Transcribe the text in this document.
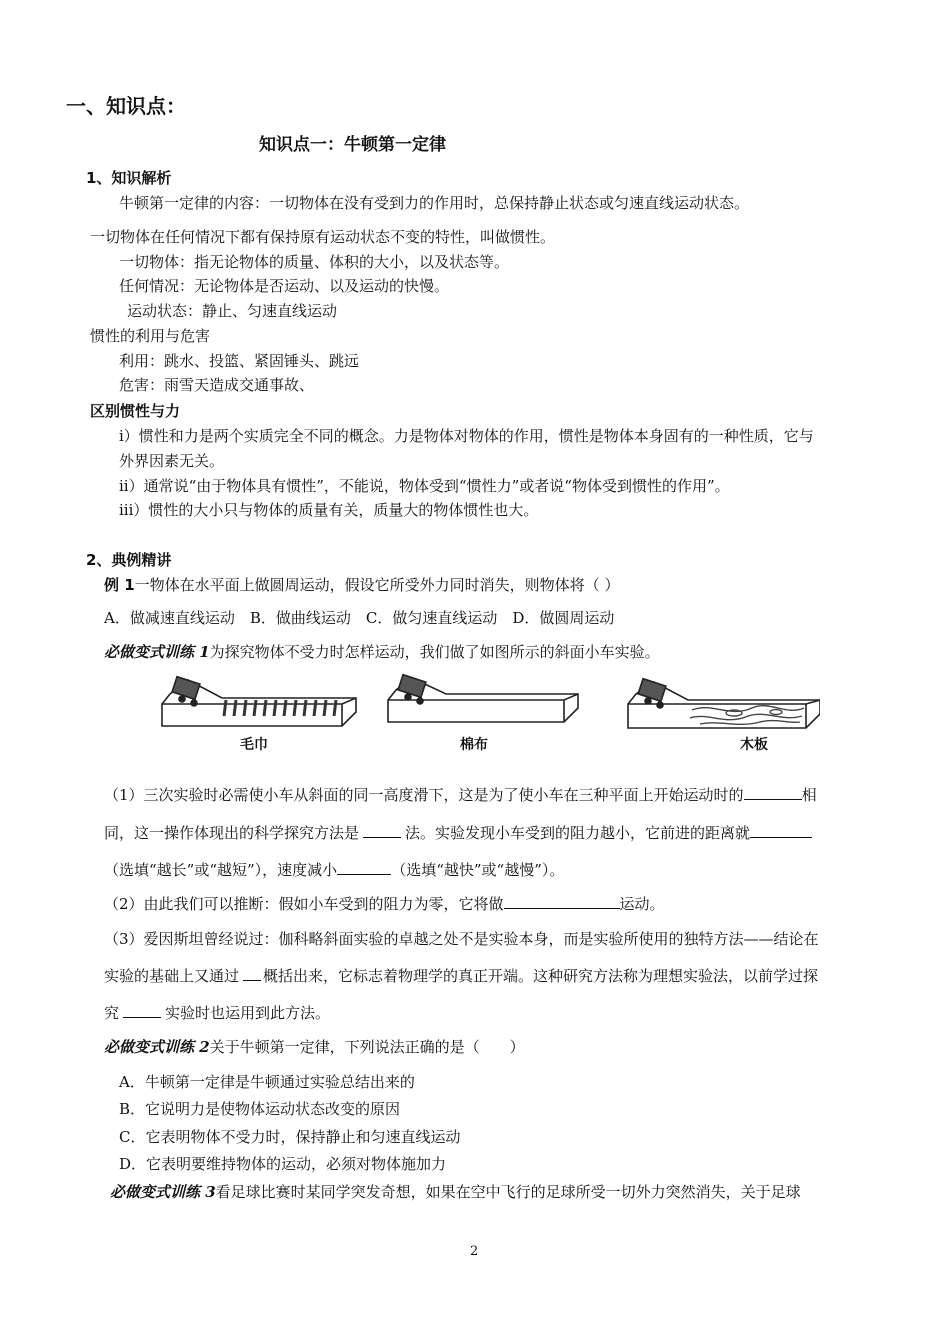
一、知识点：
知识点一：牛顿第一定律
1、知识解析
牛顿第一定律的内容：一切物体在没有受到力的作用时，总保持静止状态或匀速直线运动状态。
一切物体在任何情况下都有保持原有运动状态不变的特性，叫做惯性。
一切物体：指无论物体的质量、体积的大小，以及状态等。
任何情况：无论物体是否运动、以及运动的快慢。
运动状态：静止、匀速直线运动
惯性的利用与危害
利用：跳水、投篮、紧固锤头、跳远
危害：雨雪天造成交通事故、
区别惯性与力
i）惯性和力是两个实质完全不同的概念。力是物体对物体的作用，惯性是物体本身固有的一种性质，它与
外界因素无关。
ii）通常说“由于物体具有惯性”，不能说，物体受到“惯性力”或者说“物体受到惯性的作用”。
iii）惯性的大小只与物体的质量有关，质量大的物体惯性也大。
2、典例精讲
例 1一物体在水平面上做圆周运动，假设它所受外力同时消失，则物体将（ ）
A．做减速直线运动　B．做曲线运动　C．做匀速直线运动　D．做圆周运动
必做变式训练 1为探究物体不受力时怎样运动，我们做了如图所示的斜面小车实验。
毛巾	棉布	木板
（1）三次实验时必需使小车从斜面的同一高度滑下，这是为了使小车在三种平面上开始运动时的	相
同，这一操作体现出的科学探究方法是	法。实验发现小车受到的阻力越小，它前进的距离就
（选填“越长”或“越短”），速度减小	（选填“越快”或“越慢”）。
（2）由此我们可以推断：假如小车受到的阻力为零，它将做	运动。
（3）爱因斯坦曾经说过：伽科略斜面实验的卓越之处不是实验本身，而是实验所使用的独特方法——结论在
实验的基础上又通过 概括出来，它标志着物理学的真正开端。这种研究方法称为理想实验法，以前学过探
究	实验时也运用到此方法。
必做变式训练 2关于牛顿第一定律，下列说法正确的是（　　）
A．牛顿第一定律是牛顿通过实验总结出来的
B．它说明力是使物体运动状态改变的原因
C．它表明物体不受力时，保持静止和匀速直线运动
D．它表明要维持物体的运动，必须对物体施加力
必做变式训练 3看足球比赛时某同学突发奇想，如果在空中飞行的足球所受一切外力突然消失，关于足球
2
